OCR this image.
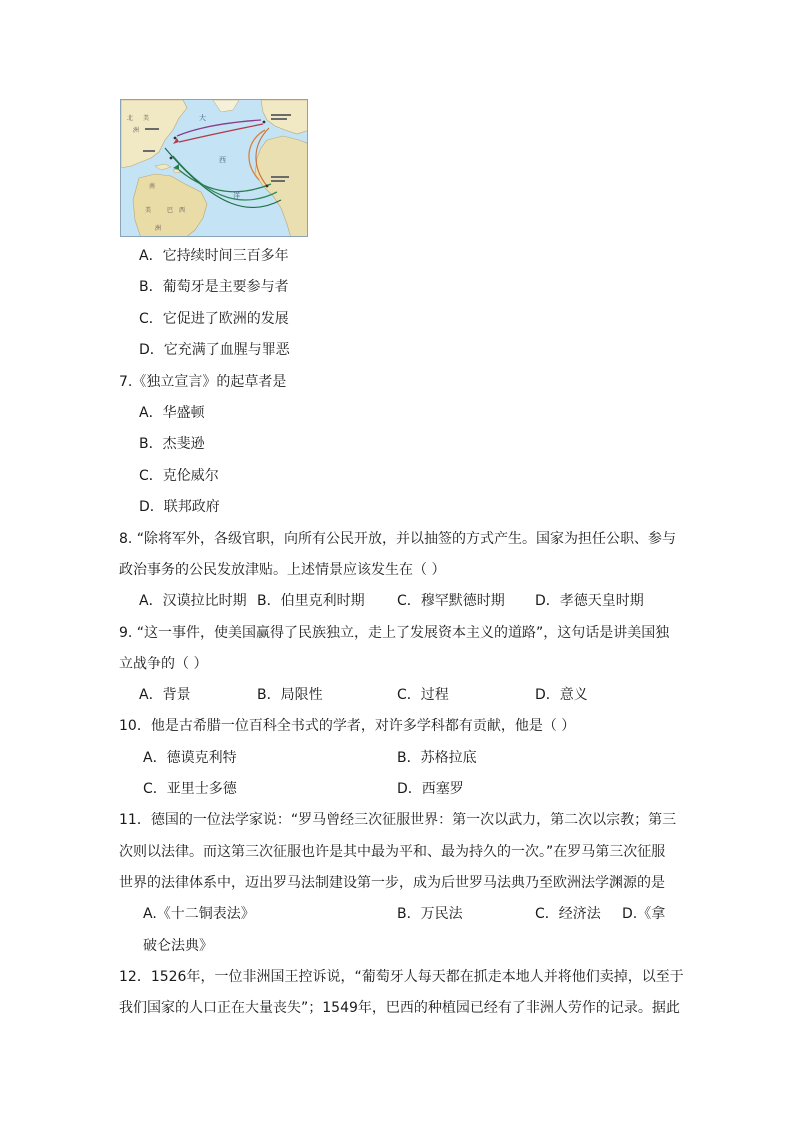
北 美
洲
大
西
洋
南
美
洲
巴 西
A．它持续时间三百多年
B．葡萄牙是主要参与者
C．它促进了欧洲的发展
D．它充满了血腥与罪恶
7.《独立宣言》的起草者是
A．华盛顿
B．杰斐逊
C．克伦威尔
D．联邦政府
8. “除将军外，各级官职，向所有公民开放，并以抽签的方式产生。国家为担任公职、参与
政治事务的公民发放津贴。上述情景应该发生在（ ）
A．汉谟拉比时期 B．伯里克利时期 C．穆罕默德时期 D．孝德天皇时期
9. “这一事件，使美国赢得了民族独立，走上了发展资本主义的道路”，这句话是讲美国独
立战争的（ ）
A．背景	B．局限性	C．过程	D．意义
10．他是古希腊一位百科全书式的学者，对许多学科都有贡献，他是（ ）
A．德谟克利特	B．苏格拉底
C．亚里士多德	D．西塞罗
11．德国的一位法学家说：“罗马曾经三次征服世界：第一次以武力，第二次以宗教；第三
次则以法律。而这第三次征服也许是其中最为平和、最为持久的一次。”在罗马第三次征服
世界的法律体系中，迈出罗马法制建设第一步，成为后世罗马法典乃至欧洲法学渊源的是
A.《十二铜表法》	B．万民法	C．经济法 D.《拿
破仑法典》
12．1526年，一位非洲国王控诉说，“葡萄牙人每天都在抓走本地人并将他们卖掉，以至于
我们国家的人口正在大量丧失”；1549年，巴西的种植园已经有了非洲人劳作的记录。据此
